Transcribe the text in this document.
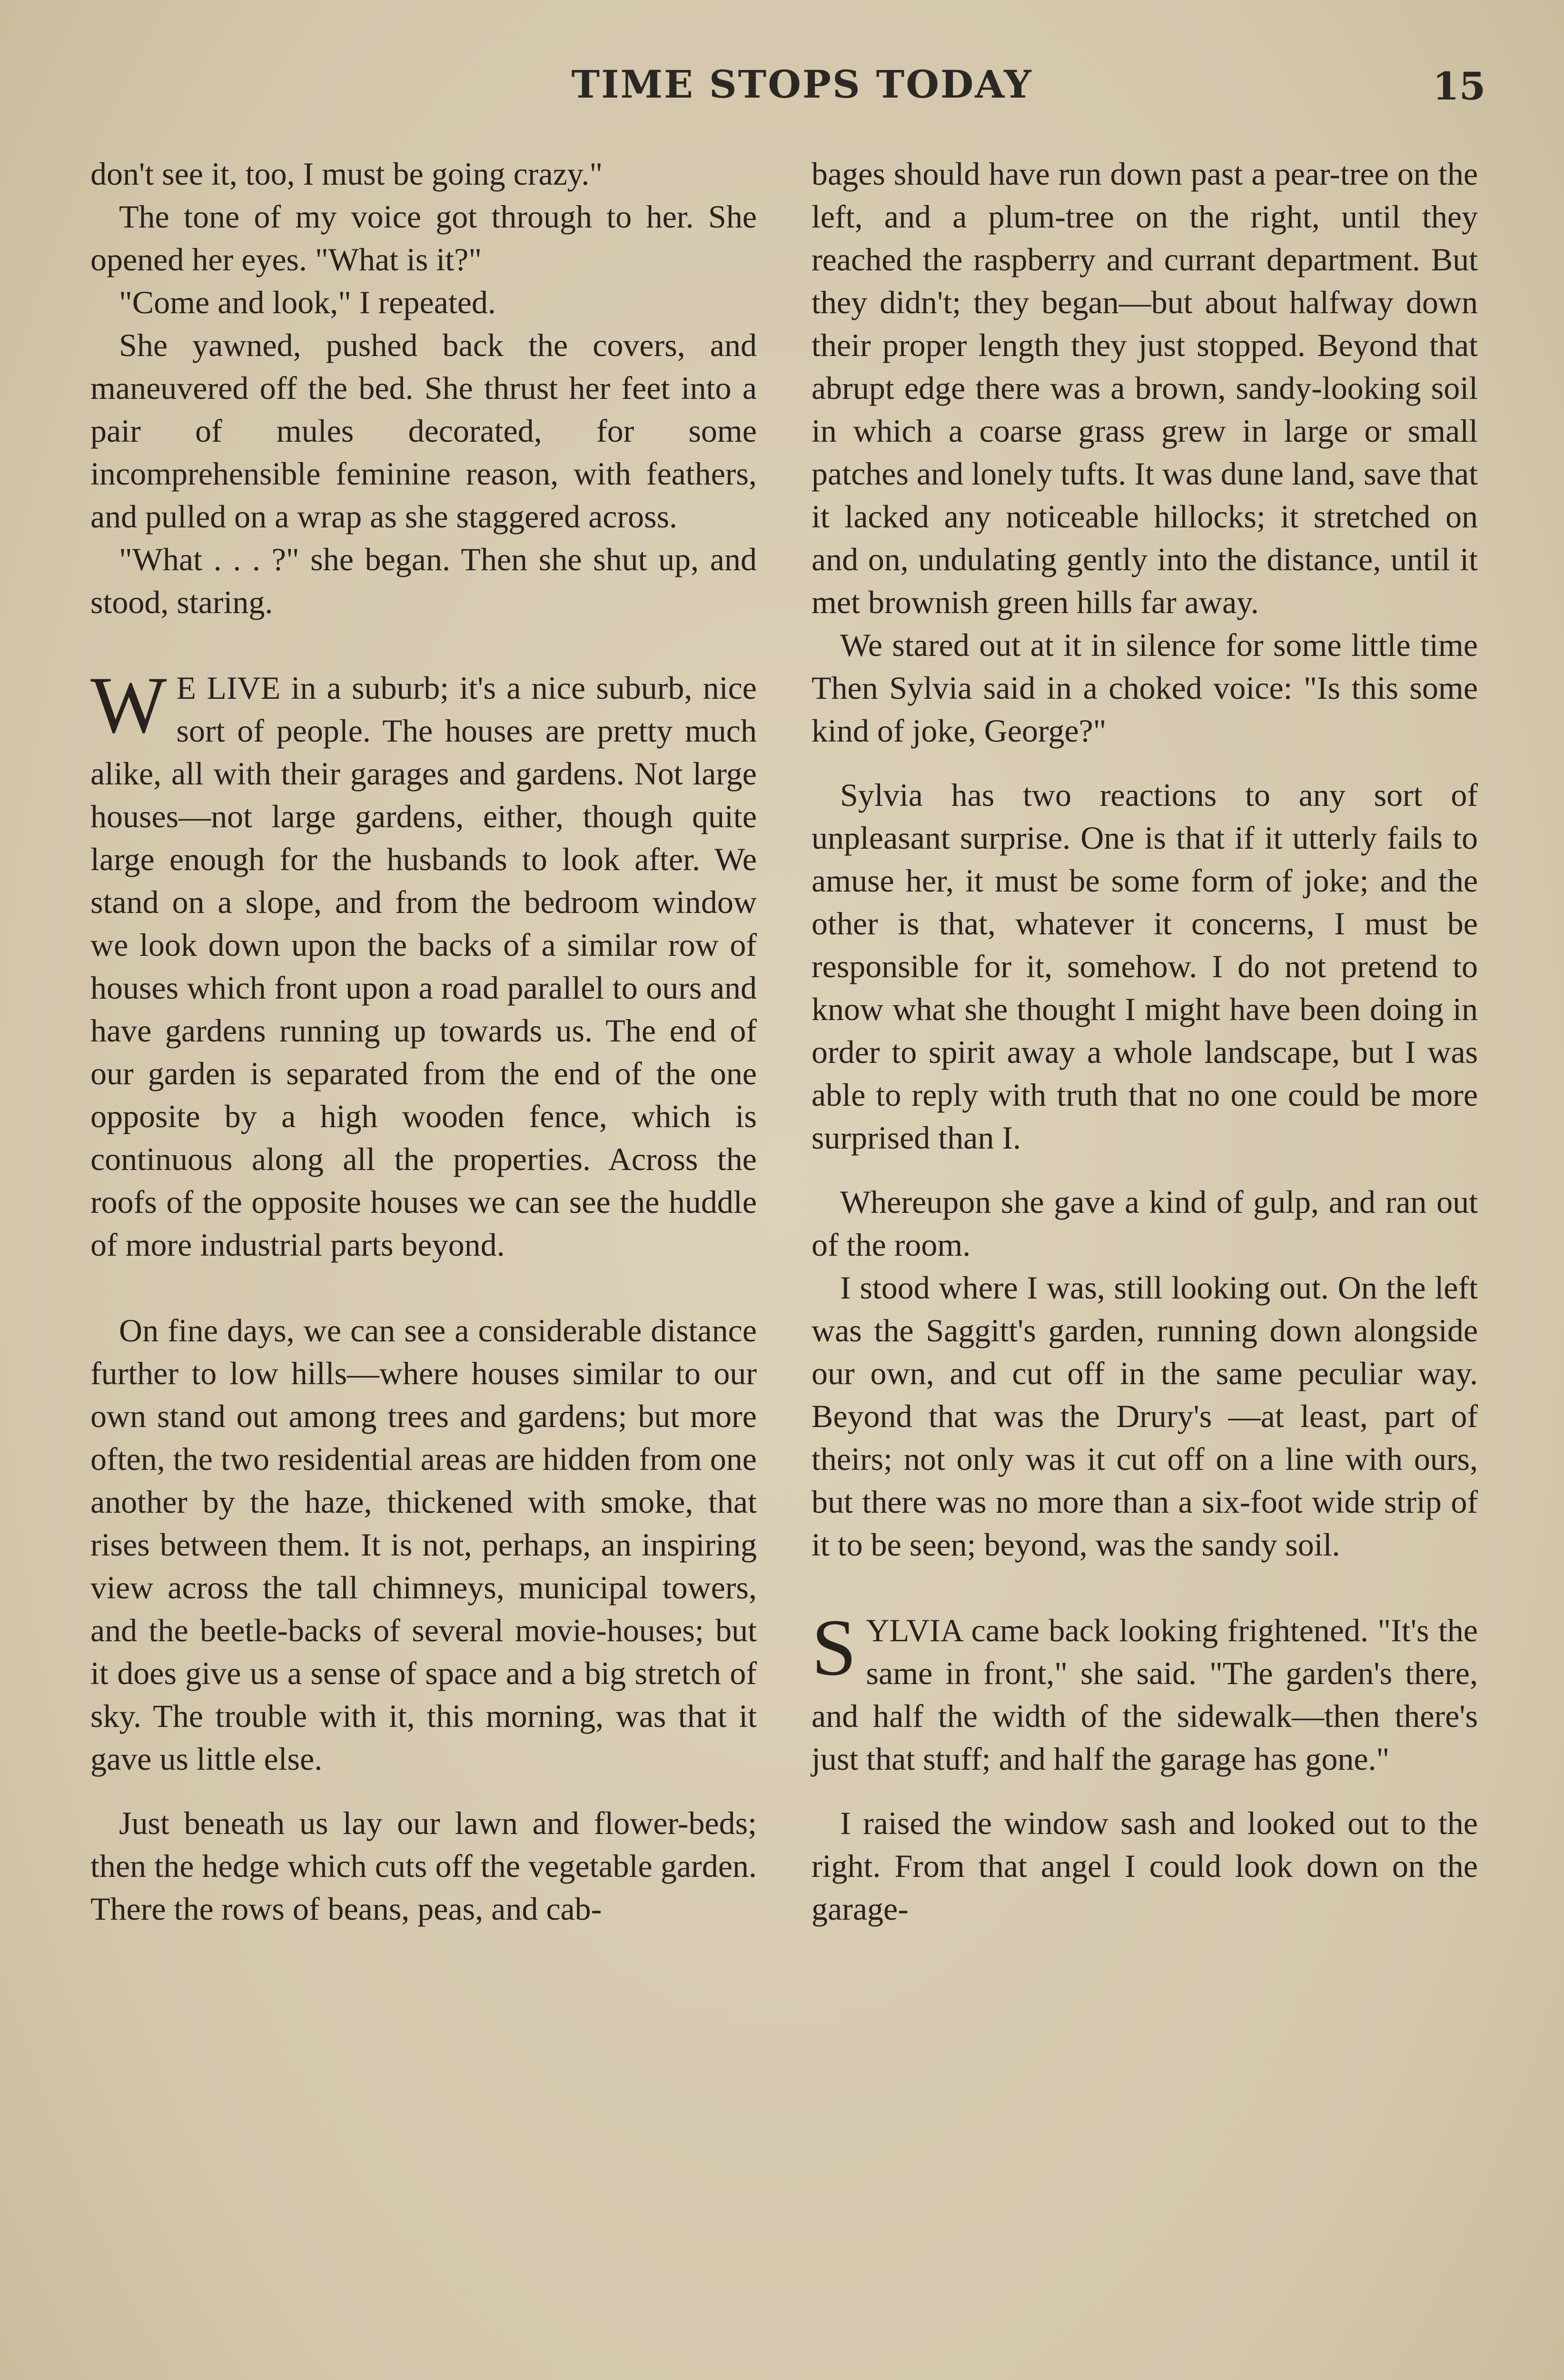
TIME STOPS TODAY	15

don't see it, too, I must be going crazy."

The tone of my voice got through to her. She opened her eyes. "What is it?"

"Come and look," I repeated.

She yawned, pushed back the covers, and maneuvered off the bed. She thrust her feet into a pair of mules decorated, for some incomprehensible feminine reason, with feathers, and pulled on a wrap as she staggered across.

"What . . . ?" she began. Then she shut up, and stood, staring.

W E LIVE in a suburb; it's a nice suburb, nice sort of people. The houses are pretty much alike, all with their garages and gardens. Not large houses—not large gardens, either, though quite large enough for the husbands to look after. We stand on a slope, and from the bedroom window we look down upon the backs of a similar row of houses which front upon a road parallel to ours and have gardens running up towards us. The end of our garden is separated from the end of the one opposite by a high wooden fence, which is continuous along all the properties. Across the roofs of the opposite houses we can see the huddle of more industrial parts beyond.

On fine days, we can see a considerable distance further to low hills—where houses similar to our own stand out among trees and gardens; but more often, the two residential areas are hidden from one another by the haze, thickened with smoke, that rises between them. It is not, perhaps, an inspiring view across the tall chimneys, municipal towers, and the beetle-backs of several movie-houses; but it does give us a sense of space and a big stretch of sky. The trouble with it, this morning, was that it gave us little else.

Just beneath us lay our lawn and flower-beds; then the hedge which cuts off the vegetable garden. There the rows of beans, peas, and cab-

bages should have run down past a pear-tree on the left, and a plum-tree on the right, until they reached the raspberry and currant department. But they didn't; they began—but about halfway down their proper length they just stopped. Beyond that abrupt edge there was a brown, sandy-looking soil in which a coarse grass grew in large or small patches and lonely tufts. It was dune land, save that it lacked any noticeable hillocks; it stretched on and on, undulating gently into the distance, until it met brownish green hills far away.

We stared out at it in silence for some little time Then Sylvia said in a choked voice: "Is this some kind of joke, George?"

Sylvia has two reactions to any sort of unpleasant surprise. One is that if it utterly fails to amuse her, it must be some form of joke; and the other is that, whatever it concerns, I must be responsible for it, somehow. I do not pretend to know what she thought I might have been doing in order to spirit away a whole landscape, but I was able to reply with truth that no one could be more surprised than I.

Whereupon she gave a kind of gulp, and ran out of the room.

I stood where I was, still looking out. On the left was the Saggitt's garden, running down alongside our own, and cut off in the same peculiar way. Beyond that was the Drury's —at least, part of theirs; not only was it cut off on a line with ours, but there was no more than a six-foot wide strip of it to be seen; beyond, was the sandy soil.

SYLVIA came back looking frightened. "It's the same in front," she said. "The garden's there, and half the width of the sidewalk—then there's just that stuff; and half the garage has gone."

I raised the window sash and looked out to the right. From that angel I could look down on the garage-
